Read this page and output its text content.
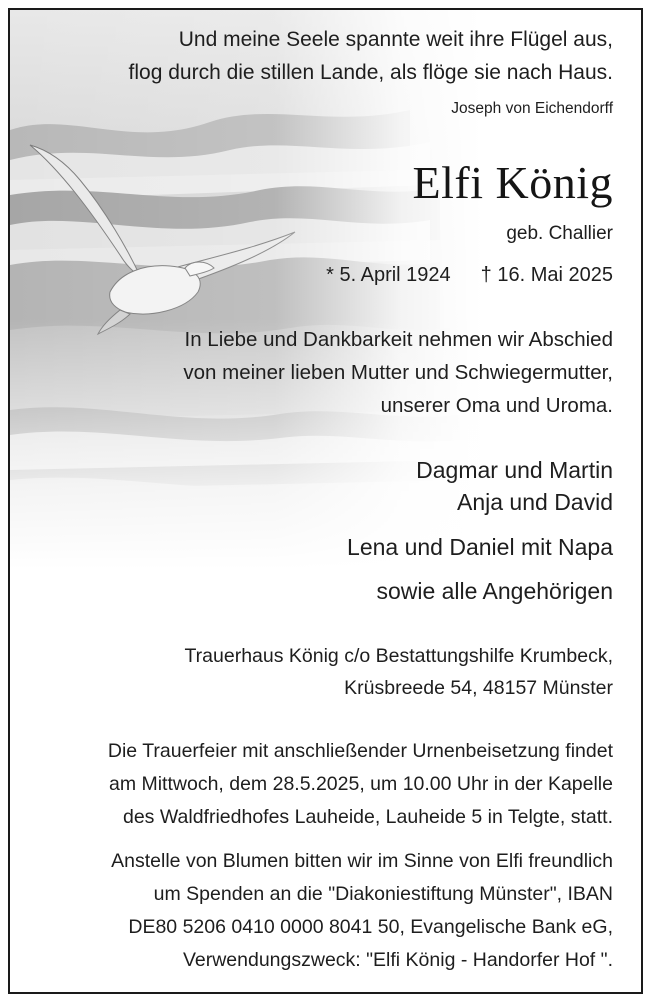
Und meine Seele spannte weit ihre Flügel aus,
flog durch die stillen Lande, als flöge sie nach Haus.
Joseph von Eichendorff
Elfi König
geb. Challier
* 5. April 1924 † 16. Mai 2025
In Liebe und Dankbarkeit nehmen wir Abschied
von meiner lieben Mutter und Schwiegermutter,
unserer Oma und Uroma.
Dagmar und Martin
Anja und David
Lena und Daniel mit Napa
sowie alle Angehörigen
Trauerhaus König c/o Bestattungshilfe Krumbeck,
Krüsbreede 54, 48157 Münster
Die Trauerfeier mit anschließender Urnenbeisetzung findet
am Mittwoch, dem 28.5.2025, um 10.00 Uhr in der Kapelle
des Waldfriedhofes Lauheide, Lauheide 5 in Telgte, statt.
Anstelle von Blumen bitten wir im Sinne von Elfi freundlich
um Spenden an die "Diakoniestiftung Münster", IBAN
DE80 5206 0410 0000 8041 50, Evangelische Bank eG,
Verwendungszweck: "Elfi König - Handorfer Hof ".
